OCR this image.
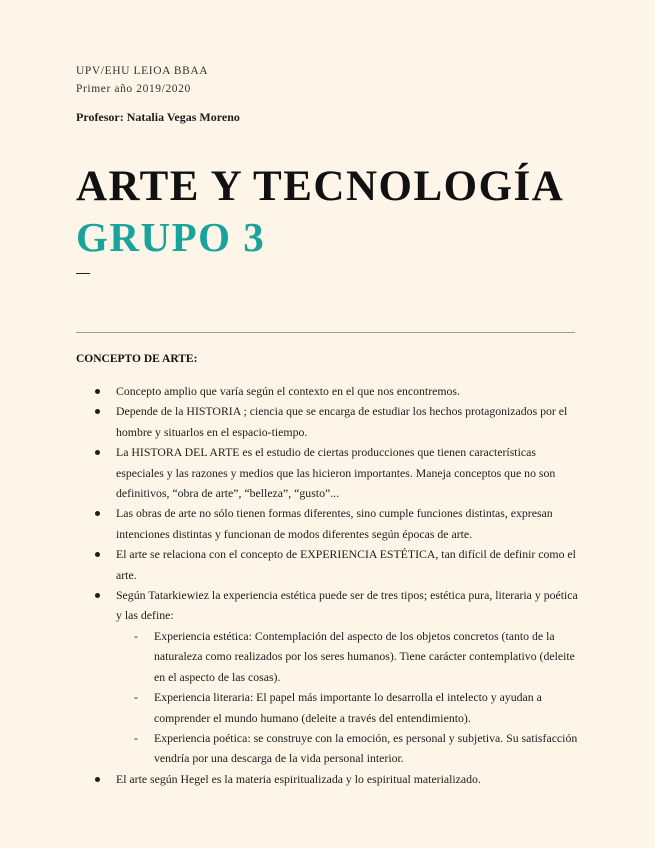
UPV/EHU LEIOA BBAA
Primer año 2019/2020
Profesor: Natalia Vegas Moreno
ARTE Y TECNOLOGÍA
GRUPO 3
CONCEPTO DE ARTE:
Concepto amplio que varía según el contexto en el que nos encontremos.
Depende de la HISTORIA ; ciencia que se encarga de estudiar los hechos protagonizados por el hombre y situarlos en el espacio-tiempo.
La HISTORA DEL ARTE es el estudio de ciertas producciones que tienen características especiales y las razones y medios que las hicieron importantes. Maneja conceptos que no son definitivos, “obra de arte”, “belleza”, “gusto”...
Las obras de arte no sólo tienen formas diferentes, sino cumple funciones distintas, expresan intenciones distintas y funcionan de modos diferentes según épocas de arte.
El arte se relaciona con el concepto de EXPERIENCIA ESTÉTICA, tan difícil de definir como el arte.
Según Tatarkiewiez la experiencia estética puede ser de tres tipos; estética pura, literaria y poética y las define:
- Experiencia estética: Contemplación del aspecto de los objetos concretos (tanto de la naturaleza como realizados por los seres humanos). Tiene carácter contemplativo (deleite en el aspecto de las cosas).
- Experiencia literaria: El papel más importante lo desarrolla el intelecto y ayudan a comprender el mundo humano (deleite a través del entendimiento).
- Experiencia poética: se construye con la emoción, es personal y subjetiva. Su satisfacción vendría por una descarga de la vida personal interior.
El arte según Hegel es la materia espiritualizada y lo espiritual materializado.
